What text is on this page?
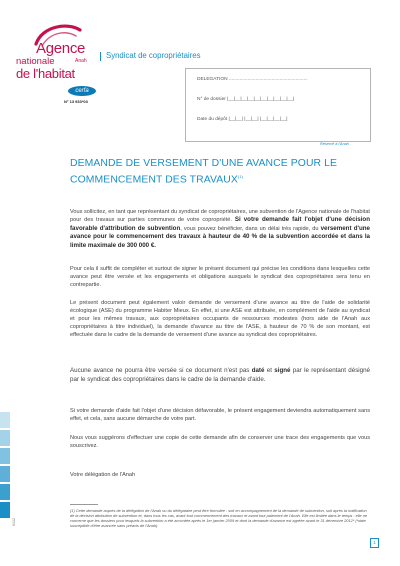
Agence
nationale	Anah
de l'habitat
Syndicat de copropriétaires
cerfa
N° 13 933*03
DELEGATION ...........................................................
N° de dossier |__|__|__|__|__|__|__|__|__|__|
Date du dépôt |__|__| |__|__| |__|__|__|__|
Réservé à l'Anah
DEMANDE DE VERSEMENT D'UNE AVANCE POUR LE
COMMENCEMENT DES TRAVAUX$^{(1)}$
Vous sollicitez, en tant que représentant du syndicat de copropriétaires, une subvention de l'Agence nationale de l'habitat pour des travaux sur parties communes de votre copropriété. Si votre demande fait l'objet d'une décision favorable d'attribution de subvention, vous pouvez bénéficier, dans un délai très rapide, du versement d'une avance pour le commencement des travaux à hauteur de 40 % de la subvention accordée et dans la limite maximale de 300 000 €.
Pour cela il suffit de compléter et surtout de signer le présent document qui précise les conditions dans lesquelles cette avance peut être versée et les engagements et obligations auxquels le syndicat des copropriétaires sera tenu en contrepartie.
Le présent document peut également valoir demande de versement d'une avance au titre de l'aide de solidarité écologique (ASE) du programme Habiter Mieux. En effet, si une ASE est attribuée, en complément de l'aide au syndicat et pour les mêmes travaux, aux copropriétaires occupants de ressources modestes (hors aide de l'Anah aux copropriétaires à titre individuel), la demande d'avance au titre de l'ASE, à hauteur de 70 % de son montant, est effectuée dans le cadre de la demande de versement d'une avance au syndicat des copropriétaires.
Aucune avance ne pourra être versée si ce document n'est pas daté et signé par le représentant désigné par le syndicat des copropriétaires dans le cadre de la demande d'aide.
Si votre demande d'aide fait l'objet d'une décision défavorable, le présent engagement deviendra automatiquement sans effet, et cela, sans aucune démarche de votre part.
Nous vous suggérons d'effectuer une copie de cette demande afin de conserver une trace des engagements que vous souscrivez.
Votre délégation de l'Anah
(1) Cette demande auprès de la délégation de l'Anah ou du délégataire peut être formulée : soit en accompagnement de la demande de subvention, soit après la notification de la décision attribution de subvention et, dans tous les cas, avant tout commencement des travaux et avant tout paiement de l'Anah. Elle est limitée dans le temps : elle ne concerne que les dossiers pour lesquels la subvention a été accordée après le 1er janvier 2009 et dont la demande d'avance est agréée avant le 31 décembre 2012* (*date susceptible d'être avancée sans préavis de l'Anah).
0412
1
